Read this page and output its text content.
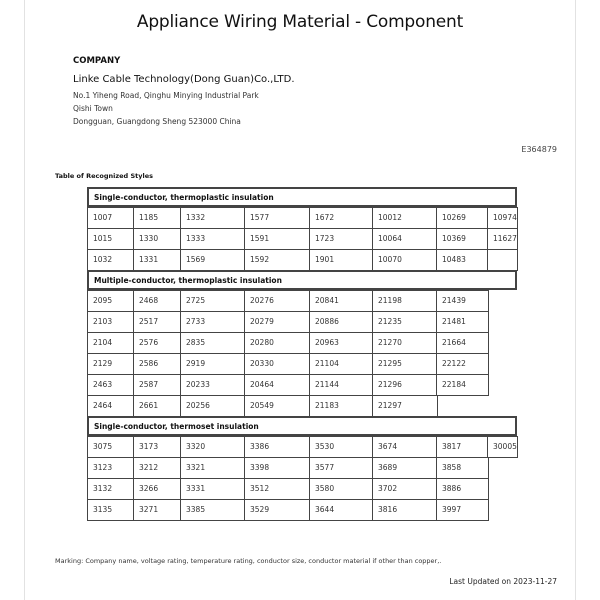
Appliance Wiring Material - Component
COMPANY
Linke Cable Technology(Dong Guan)Co.,LTD.
No.1 Yiheng Road, Qinghu Minying Industrial Park
Qishi Town
Dongguan, Guangdong Sheng 523000 China
E364879
Table of Recognized Styles
Single-conductor, thermoplastic insulation
1007	1185	1332	1577	1672	10012	10269	10974
1015	1330	1333	1591	1723	10064	10369	11627
1032	1331	1569	1592	1901	10070	10483
Multiple-conductor, thermoplastic insulation
2095	2468	2725	20276	20841	21198	21439
2103	2517	2733	20279	20886	21235	21481
2104	2576	2835	20280	20963	21270	21664
2129	2586	2919	20330	21104	21295	22122
2463	2587	20233	20464	21144	21296	22184
2464	2661	20256	20549	21183	21297
Single-conductor, thermoset insulation
3075	3173	3320	3386	3530	3674	3817	30005
3123	3212	3321	3398	3577	3689	3858
3132	3266	3331	3512	3580	3702	3886
3135	3271	3385	3529	3644	3816	3997
Marking: Company name, voltage rating, temperature rating, conductor size, conductor material if other than copper,.
Last Updated on 2023-11-27
